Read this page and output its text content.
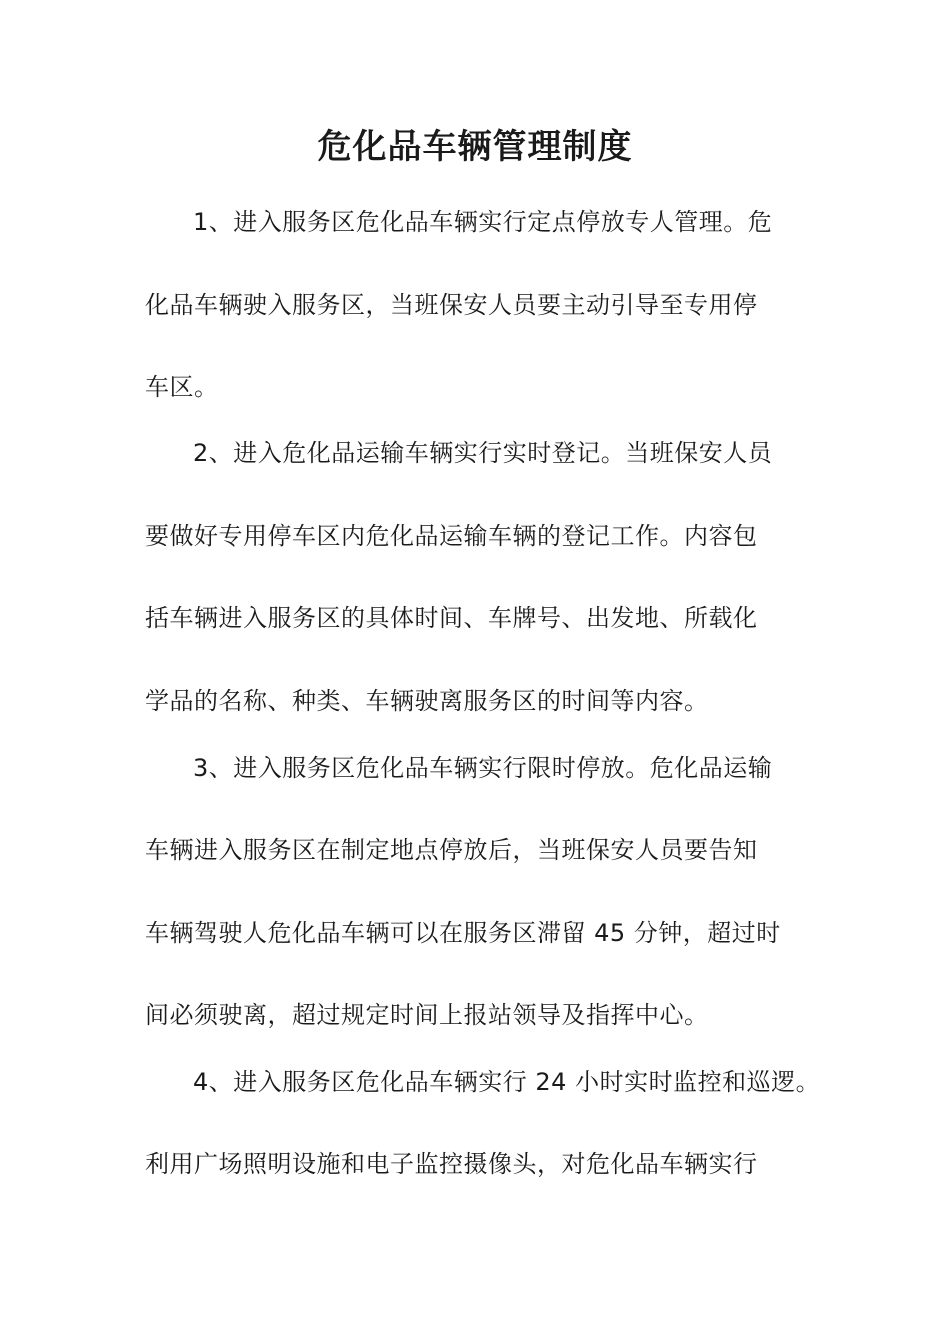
危化品车辆管理制度
1、进入服务区危化品车辆实行定点停放专人管理。危
化品车辆驶入服务区，当班保安人员要主动引导至专用停
车区。
2、进入危化品运输车辆实行实时登记。当班保安人员
要做好专用停车区内危化品运输车辆的登记工作。内容包
括车辆进入服务区的具体时间、车牌号、出发地、所载化
学品的名称、种类、车辆驶离服务区的时间等内容。
3、进入服务区危化品车辆实行限时停放。危化品运输
车辆进入服务区在制定地点停放后，当班保安人员要告知
车辆驾驶人危化品车辆可以在服务区滞留 45 分钟，超过时
间必须驶离，超过规定时间上报站领导及指挥中心。
4、进入服务区危化品车辆实行 24 小时实时监控和巡逻。
利用广场照明设施和电子监控摄像头，对危化品车辆实行
